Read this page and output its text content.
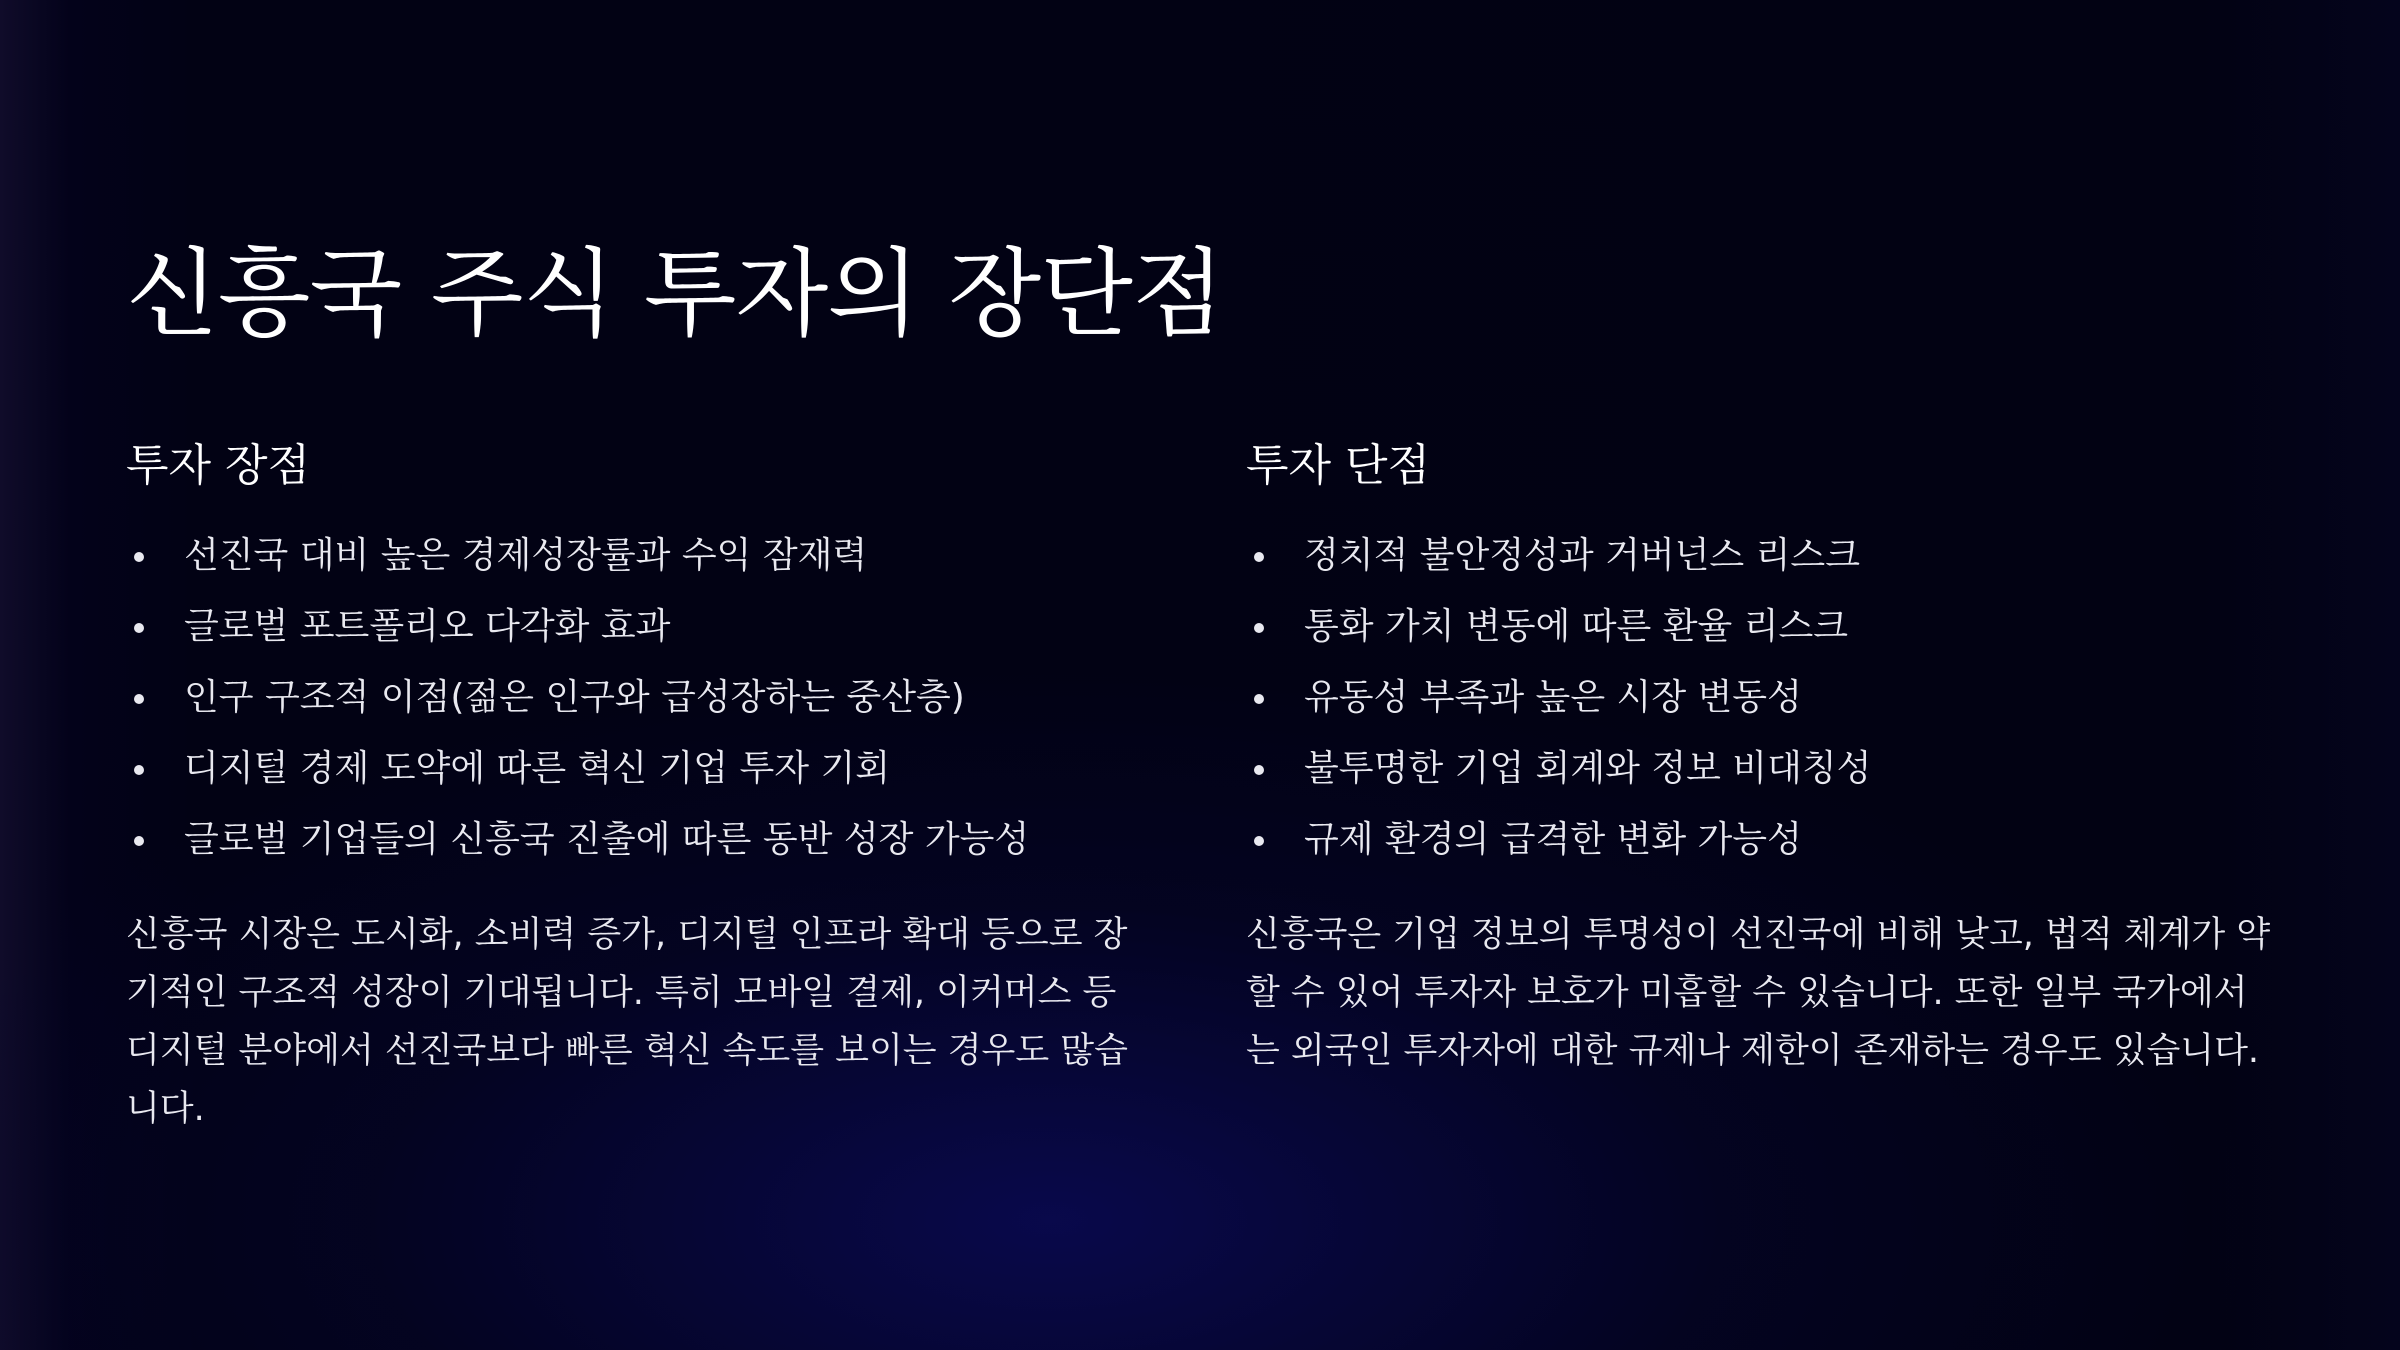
신흥국 주식 투자의 장단점
투자 장점
선진국 대비 높은 경제성장률과 수익 잠재력
글로벌 포트폴리오 다각화 효과
인구 구조적 이점(젊은 인구와 급성장하는 중산층)
디지털 경제 도약에 따른 혁신 기업 투자 기회
글로벌 기업들의 신흥국 진출에 따른 동반 성장 가능성

신흥국 시장은 도시화, 소비력 증가, 디지털 인프라 확대 등으로 장기적인 구조적 성장이 기대됩니다. 특히 모바일 결제, 이커머스 등 디지털 분야에서 선진국보다 빠른 혁신 속도를 보이는 경우도 많습니다.

투자 단점
정치적 불안정성과 거버넌스 리스크
통화 가치 변동에 따른 환율 리스크
유동성 부족과 높은 시장 변동성
불투명한 기업 회계와 정보 비대칭성
규제 환경의 급격한 변화 가능성

신흥국은 기업 정보의 투명성이 선진국에 비해 낮고, 법적 체계가 약할 수 있어 투자자 보호가 미흡할 수 있습니다. 또한 일부 국가에서는 외국인 투자자에 대한 규제나 제한이 존재하는 경우도 있습니다.
